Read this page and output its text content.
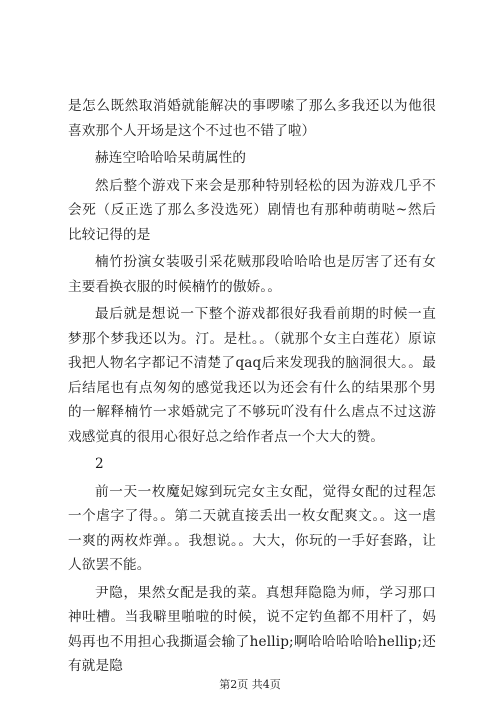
是怎么既然取消婚就能解决的事啰嗦了那么多我还以为他很喜欢那个人开场是这个不过也不错了啦）

赫连空哈哈哈呆萌属性的

然后整个游戏下来会是那种特别轻松的因为游戏几乎不会死（反正选了那么多没选死）剧情也有那种萌萌哒~然后比较记得的是

楠竹扮演女装吸引采花贼那段哈哈哈也是厉害了还有女主要看换衣服的时候楠竹的傲娇。。

最后就是想说一下整个游戏都很好我看前期的时候一直梦那个梦我还以为。汀。是杜。。（就那个女主白莲花）原谅我把人物名字都记不清楚了qaq后来发现我的脑洞很大。。最后结尾也有点匆匆的感觉我还以为还会有什么的结果那个男的一解释楠竹一求婚就完了不够玩吖没有什么虐点不过这游戏感觉真的很用心很好总之给作者点一个大大的赞。

2

前一天一枚魔妃嫁到玩完女主女配，觉得女配的过程怎一个虐字了得。。第二天就直接丢出一枚女配爽文。。这一虐一爽的两枚炸弹。。我想说。。大大，你玩的一手好套路，让人欲罢不能。

尹隐，果然女配是我的菜。真想拜隐隐为师，学习那口神吐槽。当我噼里啪啦的时候，说不定钓鱼都不用杆了，妈妈再也不用担心我撕逼会输了hellip;啊哈哈哈哈哈hellip;还有就是隐

第2页 共4页
